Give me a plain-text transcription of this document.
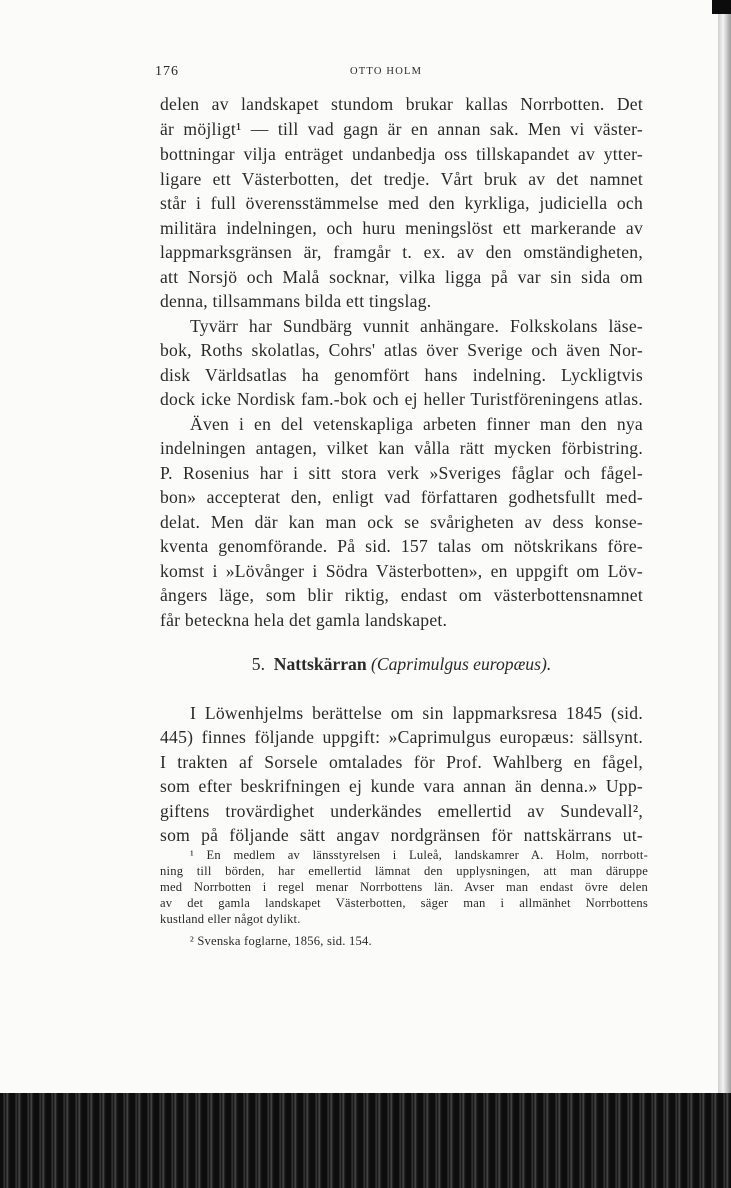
176	OTTO HOLM
delen av landskapet stundom brukar kallas Norrbotten. Det
är möjligt¹ — till vad gagn är en annan sak. Men vi väster-
bottningar vilja enträget undanbedja oss tillskapandet av ytter-
ligare ett Västerbotten, det tredje. Vårt bruk av det namnet
står i full överensstämmelse med den kyrkliga, judiciella och
militära indelningen, och huru meningslöst ett markerande av
lappmarksgränsen är, framgår t. ex. av den omständigheten,
att Norsjö och Malå socknar, vilka ligga på var sin sida om
denna, tillsammans bilda ett tingslag.
Tyvärr har Sundbärg vunnit anhängare. Folkskolans läse-
bok, Roths skolatlas, Cohrs' atlas över Sverige och även Nor-
disk Världsatlas ha genomfört hans indelning. Lyckligtvis
dock icke Nordisk fam.-bok och ej heller Turistföreningens atlas.
Även i en del vetenskapliga arbeten finner man den nya
indelningen antagen, vilket kan vålla rätt mycken förbistring.
P. Rosenius har i sitt stora verk »Sveriges fåglar och fågel-
bon» accepterat den, enligt vad författaren godhetsfullt med-
delat. Men där kan man ock se svårigheten av dess konse-
kventa genomförande. På sid. 157 talas om nötskrikans före-
komst i »Lövånger i Södra Västerbotten», en uppgift om Löv-
ångers läge, som blir riktig, endast om västerbottensnamnet
får beteckna hela det gamla landskapet.
5. Nattskärran (Caprimulgus europæus).
I Löwenhjelms berättelse om sin lappmarksresa 1845 (sid.
445) finnes följande uppgift: »Caprimulgus europæus: sällsynt.
I trakten af Sorsele omtalades för Prof. Wahlberg en fågel,
som efter beskrifningen ej kunde vara annan än denna.» Upp-
giftens trovärdighet underkändes emellertid av Sundevall²,
som på följande sätt angav nordgränsen för nattskärrans ut-
¹ En medlem av länsstyrelsen i Luleå, landskamrer A. Holm, norrbott-
ning till börden, har emellertid lämnat den upplysningen, att man däruppe
med Norrbotten i regel menar Norrbottens län. Avser man endast övre delen
av det gamla landskapet Västerbotten, säger man i allmänhet Norrbottens
kustland eller något dylikt.
² Svenska foglarne, 1856, sid. 154.
